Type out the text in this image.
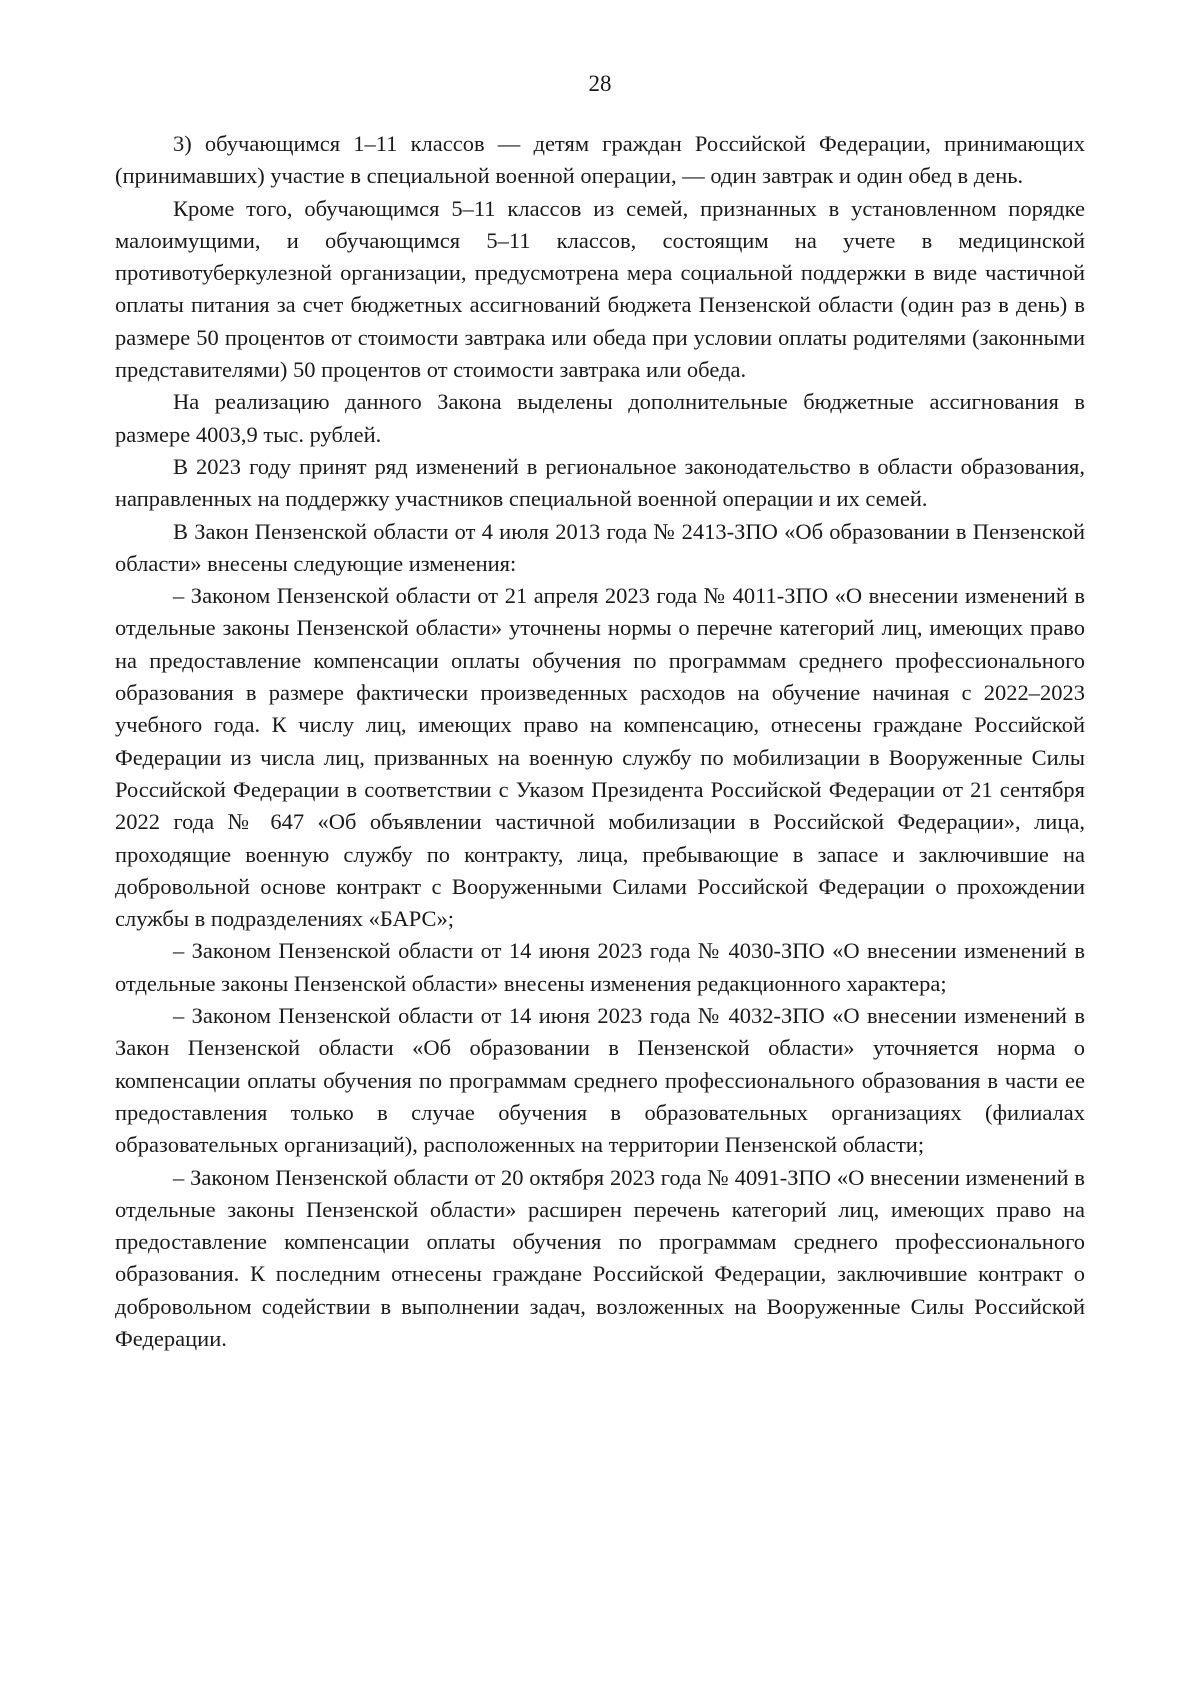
28

3) обучающимся 1–11 классов — детям граждан Российской Федерации, принимающих (принимавших) участие в специальной военной операции, — один завтрак и один обед в день.

Кроме того, обучающимся 5–11 классов из семей, признанных в установленном порядке малоимущими, и обучающимся 5–11 классов, состоящим на учете в медицинской противотуберкулезной организации, предусмотрена мера социальной поддержки в виде частичной оплаты питания за счет бюджетных ассигнований бюджета Пензенской области (один раз в день) в размере 50 процентов от стоимости завтрака или обеда при условии оплаты родителями (законными представителями) 50 процентов от стоимости завтрака или обеда.

На реализацию данного Закона выделены дополнительные бюджетные ассигнования в размере 4003,9 тыс. рублей.

В 2023 году принят ряд изменений в региональное законодательство в области образования, направленных на поддержку участников специальной военной операции и их семей.

В Закон Пензенской области от 4 июля 2013 года № 2413-ЗПО «Об образовании в Пензенской области» внесены следующие изменения:

– Законом Пензенской области от 21 апреля 2023 года № 4011-ЗПО «О внесении изменений в отдельные законы Пензенской области» уточнены нормы о перечне категорий лиц, имеющих право на предоставление компенсации оплаты обучения по программам среднего профессионального образования в размере фактически произведенных расходов на обучение начиная с 2022–2023 учебного года. К числу лиц, имеющих право на компенсацию, отнесены граждане Российской Федерации из числа лиц, призванных на военную службу по мобилизации в Вооруженные Силы Российской Федерации в соответствии с Указом Президента Российской Федерации от 21 сентября 2022 года № 647 «Об объявлении частичной мобилизации в Российской Федерации», лица, проходящие военную службу по контракту, лица, пребывающие в запасе и заключившие на добровольной основе контракт с Вооруженными Силами Российской Федерации о прохождении службы в подразделениях «БАРС»;

– Законом Пензенской области от 14 июня 2023 года № 4030-ЗПО «О внесении изменений в отдельные законы Пензенской области» внесены изменения редакционного характера;

– Законом Пензенской области от 14 июня 2023 года № 4032-ЗПО «О внесении изменений в Закон Пензенской области «Об образовании в Пензенской области» уточняется норма о компенсации оплаты обучения по программам среднего профессионального образования в части ее предоставления только в случае обучения в образовательных организациях (филиалах образовательных организаций), расположенных на территории Пензенской области;

– Законом Пензенской области от 20 октября 2023 года № 4091-ЗПО «О внесении изменений в отдельные законы Пензенской области» расширен перечень категорий лиц, имеющих право на предоставление компенсации оплаты обучения по программам среднего профессионального образования. К последним отнесены граждане Российской Федерации, заключившие контракт о добровольном содействии в выполнении задач, возложенных на Вооруженные Силы Российской Федерации.
